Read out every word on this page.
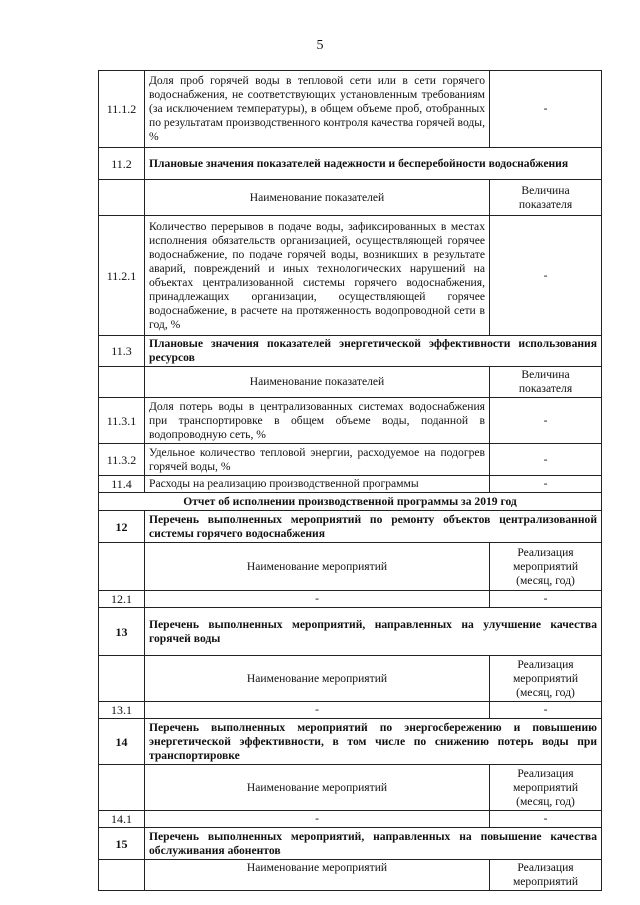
5
11.1.2	Доля проб горячей воды в тепловой сети или в сети горячего водоснабжения, не соответствующих установленным требованиям (за исключением температуры), в общем объеме проб, отобранных по результатам производственного контроля качества горячей воды, %	-
11.2	Плановые значения показателей надежности и бесперебойности водоснабжения	
	Наименование показателей	Величина показателя
11.2.1	Количество перерывов в подаче воды, зафиксированных в местах исполнения обязательств организацией, осуществляющей горячее водоснабжение, по подаче горячей воды, возникших в результате аварий, повреждений и иных технологических нарушений на объектах централизованной системы горячего водоснабжения, принадлежащих организации, осуществляющей горячее водоснабжение, в расчете на протяженность водопроводной сети в год, %	-
11.3	Плановые значения показателей энергетической эффективности использования ресурсов	
	Наименование показателей	Величина показателя
11.3.1	Доля потерь воды в централизованных системах водоснабжения при транспортировке в общем объеме воды, поданной в водопроводную сеть, %	-
11.3.2	Удельное количество тепловой энергии, расходуемое на подогрев горячей воды, %	-
11.4	Расходы на реализацию производственной программы	-
Отчет об исполнении производственной программы за 2019 год		
12	Перечень выполненных мероприятий по ремонту объектов централизованной системы горячего водоснабжения	
	Наименование мероприятий	Реализация мероприятий (месяц, год)
12.1	-	-
13	Перечень выполненных мероприятий, направленных на улучшение качества горячей воды	
	Наименование мероприятий	Реализация мероприятий (месяц, год)
13.1	-	-
14	Перечень выполненных мероприятий по энергосбережению и повышению энергетической эффективности, в том числе по снижению потерь воды при транспортировке	
	Наименование мероприятий	Реализация мероприятий (месяц, год)
14.1	-	-
15	Перечень выполненных мероприятий, направленных на повышение качества обслуживания абонентов	
	Наименование мероприятий	Реализация мероприятий
